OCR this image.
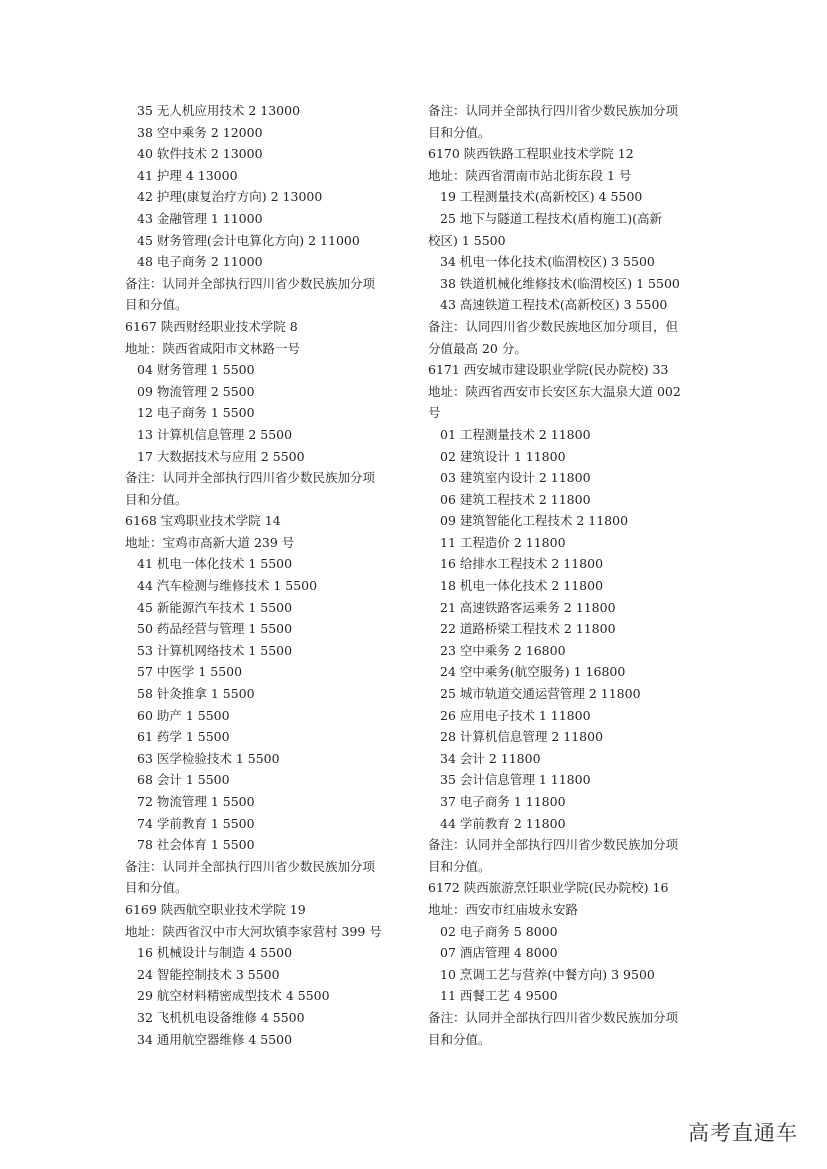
35 无人机应用技术 2 13000
38 空中乘务 2 12000
40 软件技术 2 13000
41 护理 4 13000
42 护理(康复治疗方向) 2 13000
43 金融管理 1 11000
45 财务管理(会计电算化方向) 2 11000
48 电子商务 2 11000
备注：认同并全部执行四川省少数民族加分项
目和分值。
6167 陕西财经职业技术学院 8
地址：陕西省咸阳市文林路一号
04 财务管理 1 5500
09 物流管理 2 5500
12 电子商务 1 5500
13 计算机信息管理 2 5500
17 大数据技术与应用 2 5500
备注：认同并全部执行四川省少数民族加分项
目和分值。
6168 宝鸡职业技术学院 14
地址：宝鸡市高新大道 239 号
41 机电一体化技术 1 5500
44 汽车检测与维修技术 1 5500
45 新能源汽车技术 1 5500
50 药品经营与管理 1 5500
53 计算机网络技术 1 5500
57 中医学 1 5500
58 针灸推拿 1 5500
60 助产 1 5500
61 药学 1 5500
63 医学检验技术 1 5500
68 会计 1 5500
72 物流管理 1 5500
74 学前教育 1 5500
78 社会体育 1 5500
备注：认同并全部执行四川省少数民族加分项
目和分值。
6169 陕西航空职业技术学院 19
地址：陕西省汉中市大河坎镇李家营村 399 号
16 机械设计与制造 4 5500
24 智能控制技术 3 5500
29 航空材料精密成型技术 4 5500
32 飞机机电设备维修 4 5500
34 通用航空器维修 4 5500
备注：认同并全部执行四川省少数民族加分项
目和分值。
6170 陕西铁路工程职业技术学院 12
地址：陕西省渭南市站北街东段 1 号
19 工程测量技术(高新校区) 4 5500
25 地下与隧道工程技术(盾构施工)(高新
校区) 1 5500
34 机电一体化技术(临渭校区) 3 5500
38 铁道机械化维修技术(临渭校区) 1 5500
43 高速铁道工程技术(高新校区) 3 5500
备注：认同四川省少数民族地区加分项目，但
分值最高 20 分。
6171 西安城市建设职业学院(民办院校) 33
地址：陕西省西安市长安区东大温泉大道 002
号
01 工程测量技术 2 11800
02 建筑设计 1 11800
03 建筑室内设计 2 11800
06 建筑工程技术 2 11800
09 建筑智能化工程技术 2 11800
11 工程造价 2 11800
16 给排水工程技术 2 11800
18 机电一体化技术 2 11800
21 高速铁路客运乘务 2 11800
22 道路桥梁工程技术 2 11800
23 空中乘务 2 16800
24 空中乘务(航空服务) 1 16800
25 城市轨道交通运营管理 2 11800
26 应用电子技术 1 11800
28 计算机信息管理 2 11800
34 会计 2 11800
35 会计信息管理 1 11800
37 电子商务 1 11800
44 学前教育 2 11800
备注：认同并全部执行四川省少数民族加分项
目和分值。
6172 陕西旅游烹饪职业学院(民办院校) 16
地址：西安市红庙坡永安路
02 电子商务 5 8000
07 酒店管理 4 8000
10 烹调工艺与营养(中餐方向) 3 9500
11 西餐工艺 4 9500
备注：认同并全部执行四川省少数民族加分项
目和分值。
高考直通车
